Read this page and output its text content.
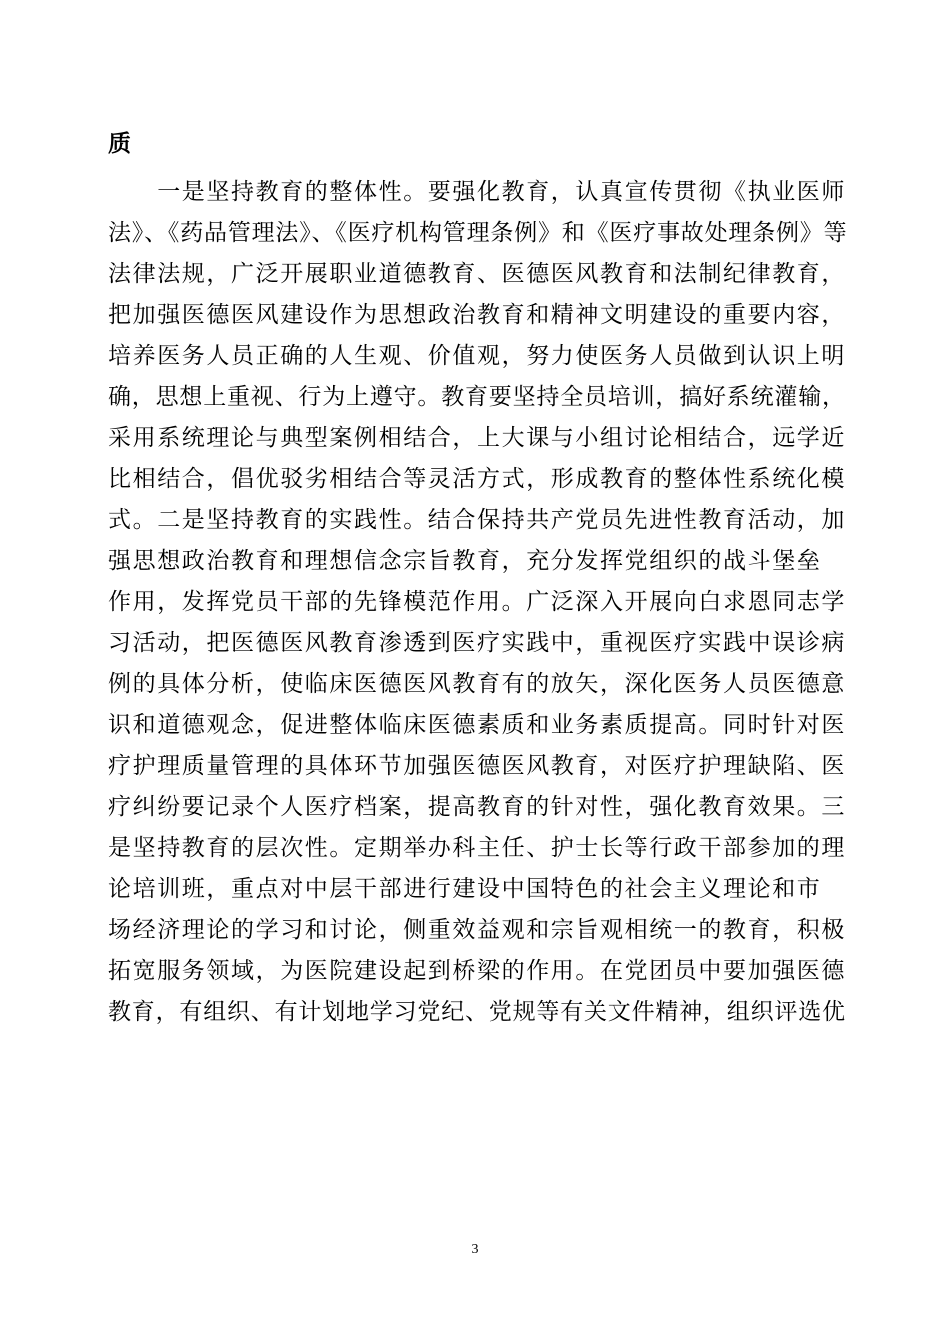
质

　　一是坚持教育的整体性。要强化教育，认真宣传贯彻《执业医师
法》、《药品管理法》、《医疗机构管理条例》和《医疗事故处理条例》等
法律法规，广泛开展职业道德教育、医德医风教育和法制纪律教育，
把加强医德医风建设作为思想政治教育和精神文明建设的重要内容，
培养医务人员正确的人生观、价值观，努力使医务人员做到认识上明
确，思想上重视、行为上遵守。教育要坚持全员培训，搞好系统灌输，
采用系统理论与典型案例相结合，上大课与小组讨论相结合，远学近
比相结合，倡优驳劣相结合等灵活方式，形成教育的整体性系统化模
式。二是坚持教育的实践性。结合保持共产党员先进性教育活动，加
强思想政治教育和理想信念宗旨教育，充分发挥党组织的战斗堡垒
作用，发挥党员干部的先锋模范作用。广泛深入开展向白求恩同志学
习活动，把医德医风教育渗透到医疗实践中，重视医疗实践中误诊病
例的具体分析，使临床医德医风教育有的放矢，深化医务人员医德意
识和道德观念，促进整体临床医德素质和业务素质提高。同时针对医
疗护理质量管理的具体环节加强医德医风教育，对医疗护理缺陷、医
疗纠纷要记录个人医疗档案，提高教育的针对性，强化教育效果。三
是坚持教育的层次性。定期举办科主任、护士长等行政干部参加的理
论培训班，重点对中层干部进行建设中国特色的社会主义理论和市
场经济理论的学习和讨论，侧重效益观和宗旨观相统一的教育，积极
拓宽服务领域，为医院建设起到桥梁的作用。在党团员中要加强医德
教育，有组织、有计划地学习党纪、党规等有关文件精神，组织评选优

3
